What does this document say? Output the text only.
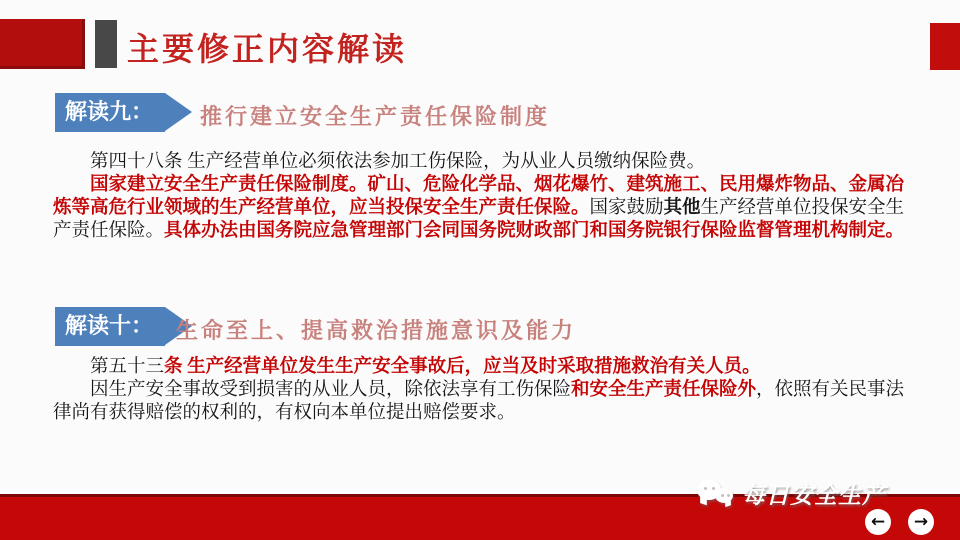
主要修正内容解读
解读九：	推行建立安全生产责任保险制度

第四十八条 生产经营单位必须依法参加工伤保险，为从业人员缴纳保险费。

国家建立安全生产责任保险制度。矿山、危险化学品、烟花爆竹、建筑施工、民用爆炸物品、金属冶炼等高危行业领域的生产经营单位，应当投保安全生产责任保险。国家鼓励其他生产经营单位投保安全生产责任保险。具体办法由国务院应急管理部门会同国务院财政部门和国务院银行保险监督管理机构制定。

解读十：	生命至上、提高救治措施意识及能力

第五十三条 生产经营单位发生生产安全事故后，应当及时采取措施救治有关人员。

因生产安全事故受到损害的从业人员，除依法享有工伤保险和安全生产责任保险外，依照有关民事法律尚有获得赔偿的权利的，有权向本单位提出赔偿要求。

每日安全生产
←	→
